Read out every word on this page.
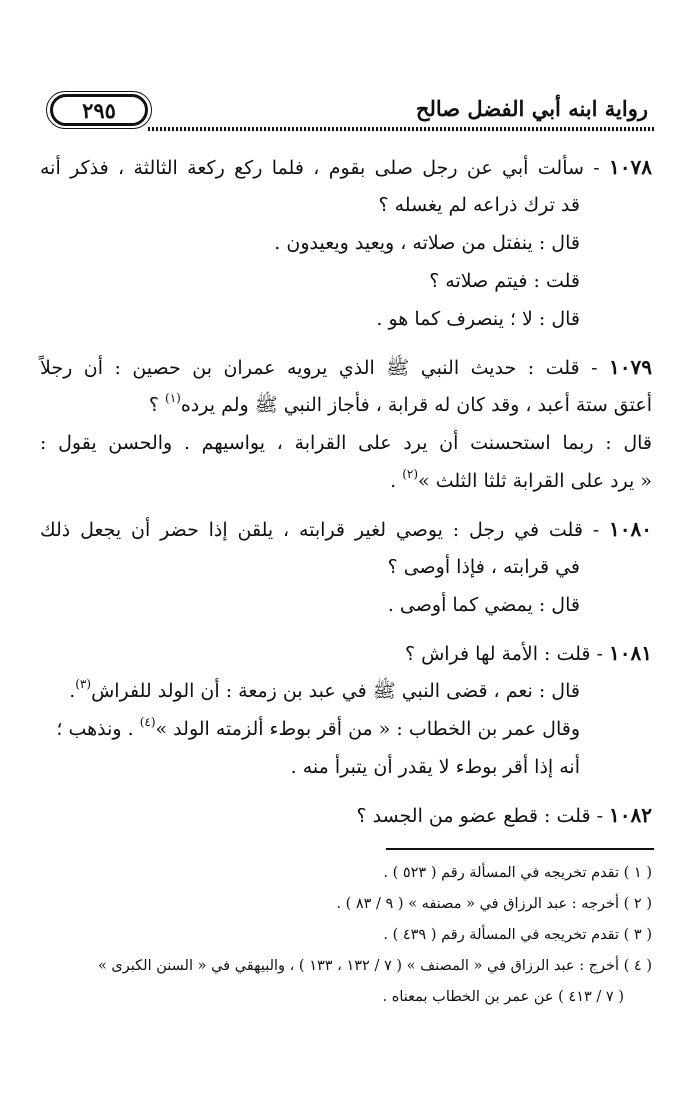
٢٩٥	رواية ابنه أبي الفضل صالح
١٠٧٨ - سألت أبي عن رجل صلى بقوم ، فلما ركع ركعة الثالثة ، فذكر أنه
قد ترك ذراعه لم يغسله ؟
قال : ينفتل من صلاته ، ويعيد ويعيدون .
قلت : فيتم صلاته ؟
قال : لا ؛ ينصرف كما هو .
١٠٧٩ - قلت : حديث النبي ﷺ الذي يرويه عمران بن حصين : أن رجلاً
أعتق ستة أعبد ، وقد كان له قرابة ، فأجاز النبي ﷺ ولم يرده$^{(١)}$ ؟
قال : ربما استحسنت أن يرد على القرابة ، يواسيهم . والحسن يقول :
« يرد على القرابة ثلثا الثلث »$^{(٢)}$ .
١٠٨٠ - قلت في رجل : يوصي لغير قرابته ، يلقن إذا حضر أن يجعل ذلك
في قرابته ، فإذا أوصى ؟
قال : يمضي كما أوصى .
١٠٨١ - قلت : الأمة لها فراش ؟
قال : نعم ، قضى النبي ﷺ في عبد بن زمعة : أن الولد للفراش$^{(٣)}$.
وقال عمر بن الخطاب : « من أقر بوطء ألزمته الولد »$^{(٤)}$ . ونذهب ؛
أنه إذا أقر بوطء لا يقدر أن يتبرأ منه .
١٠٨٢ - قلت : قطع عضو من الجسد ؟
( ١ ) تقدم تخريجه في المسألة رقم ( ٥٢٣ ) .
( ٢ ) أخرجه : عبد الرزاق في « مصنفه » ( ٩ / ٨٣ ) .
( ٣ ) تقدم تخريجه في المسألة رقم ( ٤٣٩ ) .
( ٤ ) أخرج : عبد الرزاق في « المصنف » ( ٧ / ١٣٢ ، ١٣٣ ) ، والبيهقي في « السنن الكبرى »
( ٧ / ٤١٣ ) عن عمر بن الخطاب بمعناه .
